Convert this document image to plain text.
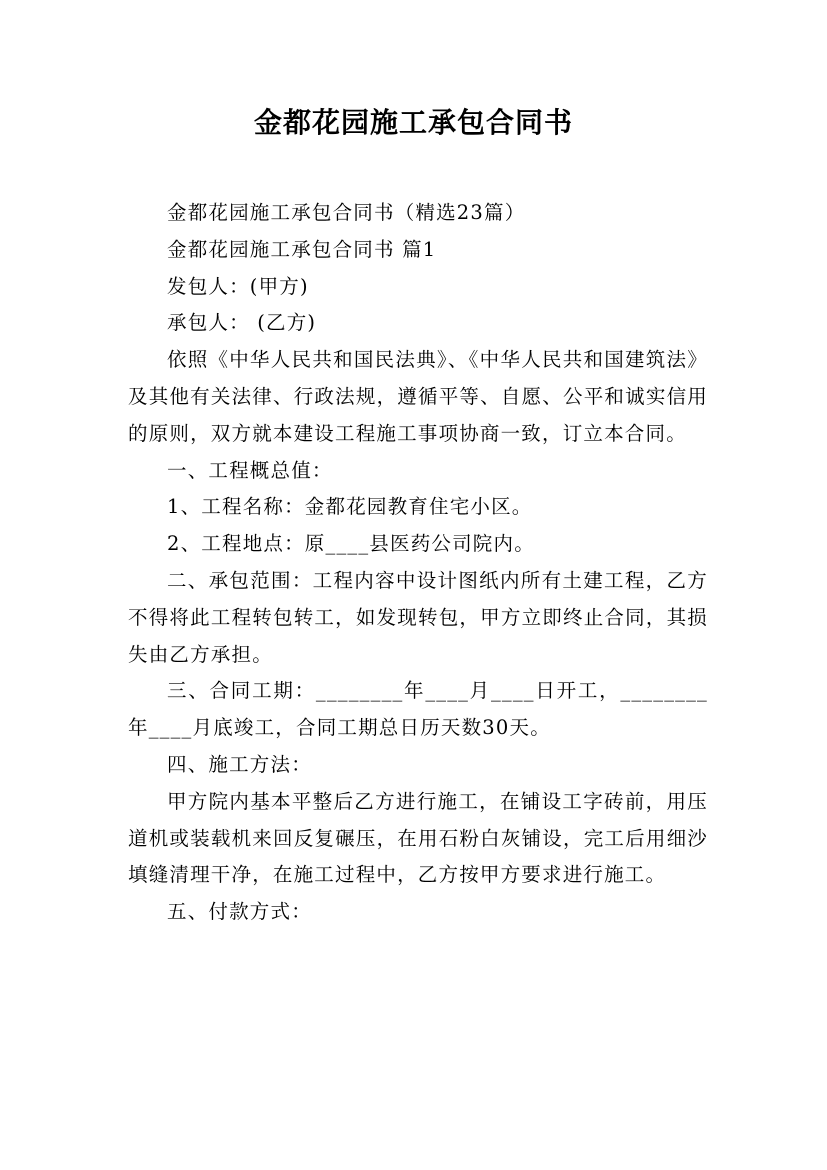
金都花园施工承包合同书

金都花园施工承包合同书（精选23篇）

金都花园施工承包合同书 篇1

发包人：(甲方)

承包人： (乙方)

依照《中华人民共和国民法典》、《中华人民共和国建筑法》及其他有关法律、行政法规，遵循平等、自愿、公平和诚实信用的原则，双方就本建设工程施工事项协商一致，订立本合同。

一、工程概总值：

1、工程名称：金都花园教育住宅小区。

2、工程地点：原____县医药公司院内。

二、承包范围：工程内容中设计图纸内所有土建工程，乙方不得将此工程转包转工，如发现转包，甲方立即终止合同，其损失由乙方承担。

三、合同工期：________年____月____日开工，________年____月底竣工，合同工期总日历天数30天。

四、施工方法：

甲方院内基本平整后乙方进行施工，在铺设工字砖前，用压道机或装载机来回反复碾压，在用石粉白灰铺设，完工后用细沙填缝清理干净，在施工过程中，乙方按甲方要求进行施工。

五、付款方式：
